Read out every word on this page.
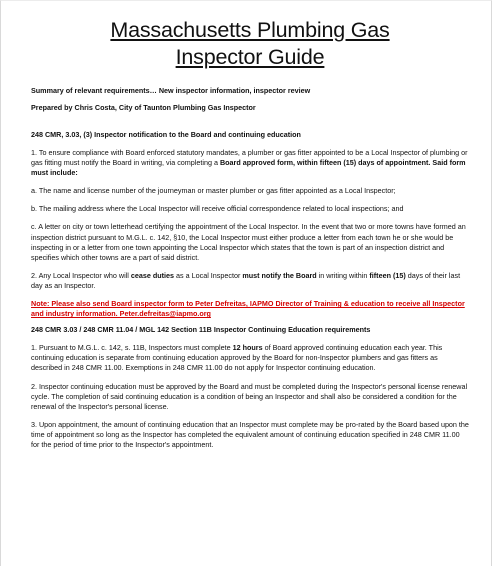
Massachusetts Plumbing Gas
Inspector Guide

Summary of relevant requirements… New inspector information, inspector review

Prepared by Chris Costa, City of Taunton Plumbing Gas Inspector

248 CMR, 3.03, (3) Inspector notification to the Board and continuing education

1. To ensure compliance with Board enforced statutory mandates, a plumber or gas fitter appointed to be a Local Inspector of plumbing or gas fitting must notify the Board in writing, via completing a Board approved form, within fifteen (15) days of appointment. Said form must include:

a. The name and license number of the journeyman or master plumber or gas fitter appointed as a Local Inspector;

b. The mailing address where the Local Inspector will receive official correspondence related to local inspections; and

c. A letter on city or town letterhead certifying the appointment of the Local Inspector. In the event that two or more towns have formed an inspection district pursuant to M.G.L. c. 142, §10, the Local Inspector must either produce a letter from each town he or she would be inspecting in or a letter from one town appointing the Local Inspector which states that the town is part of an inspection district and specifies which other towns are a part of said district.

2. Any Local Inspector who will cease duties as a Local Inspector must notify the Board in writing within fifteen (15) days of their last day as an Inspector.

Note: Please also send Board inspector form to Peter Defreitas, IAPMO Director of Training & education to receive all Inspector and industry information. Peter.defreitas@iapmo.org

248 CMR 3.03 / 248 CMR 11.04 / MGL 142 Section 11B Inspector Continuing Education requirements

1. Pursuant to M.G.L. c. 142, s. 11B, Inspectors must complete 12 hours of Board approved continuing education each year. This continuing education is separate from continuing education approved by the Board for non-Inspector plumbers and gas fitters as described in 248 CMR 11.00. Exemptions in 248 CMR 11.00 do not apply for Inspector continuing education.

2. Inspector continuing education must be approved by the Board and must be completed during the Inspector's personal license renewal cycle. The completion of said continuing education is a condition of being an Inspector and shall also be considered a condition for the renewal of the Inspector's personal license.

3. Upon appointment, the amount of continuing education that an Inspector must complete may be pro-rated by the Board based upon the time of appointment so long as the Inspector has completed the equivalent amount of continuing education specified in 248 CMR 11.00 for the period of time prior to the Inspector's appointment.
